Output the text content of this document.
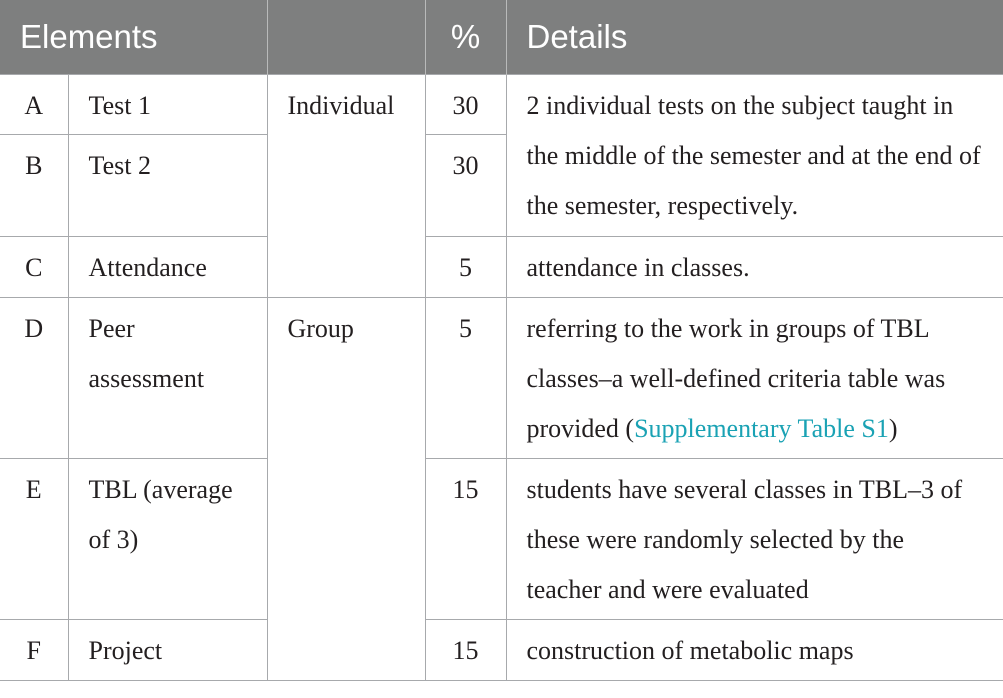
Elements			%	Details
A	Test 1	Individual	30	2 individual tests on the subject taught in the middle of the semester and at the end of the semester, respectively.
B	Test 2		30	
C	Attendance		5	attendance in classes.
D	Peer assessment	Group	5	referring to the work in groups of TBL classes–a well-defined criteria table was provided (Supplementary Table S1)
E	TBL (average of 3)		15	students have several classes in TBL–3 of these were randomly selected by the teacher and were evaluated
F	Project		15	construction of metabolic maps
